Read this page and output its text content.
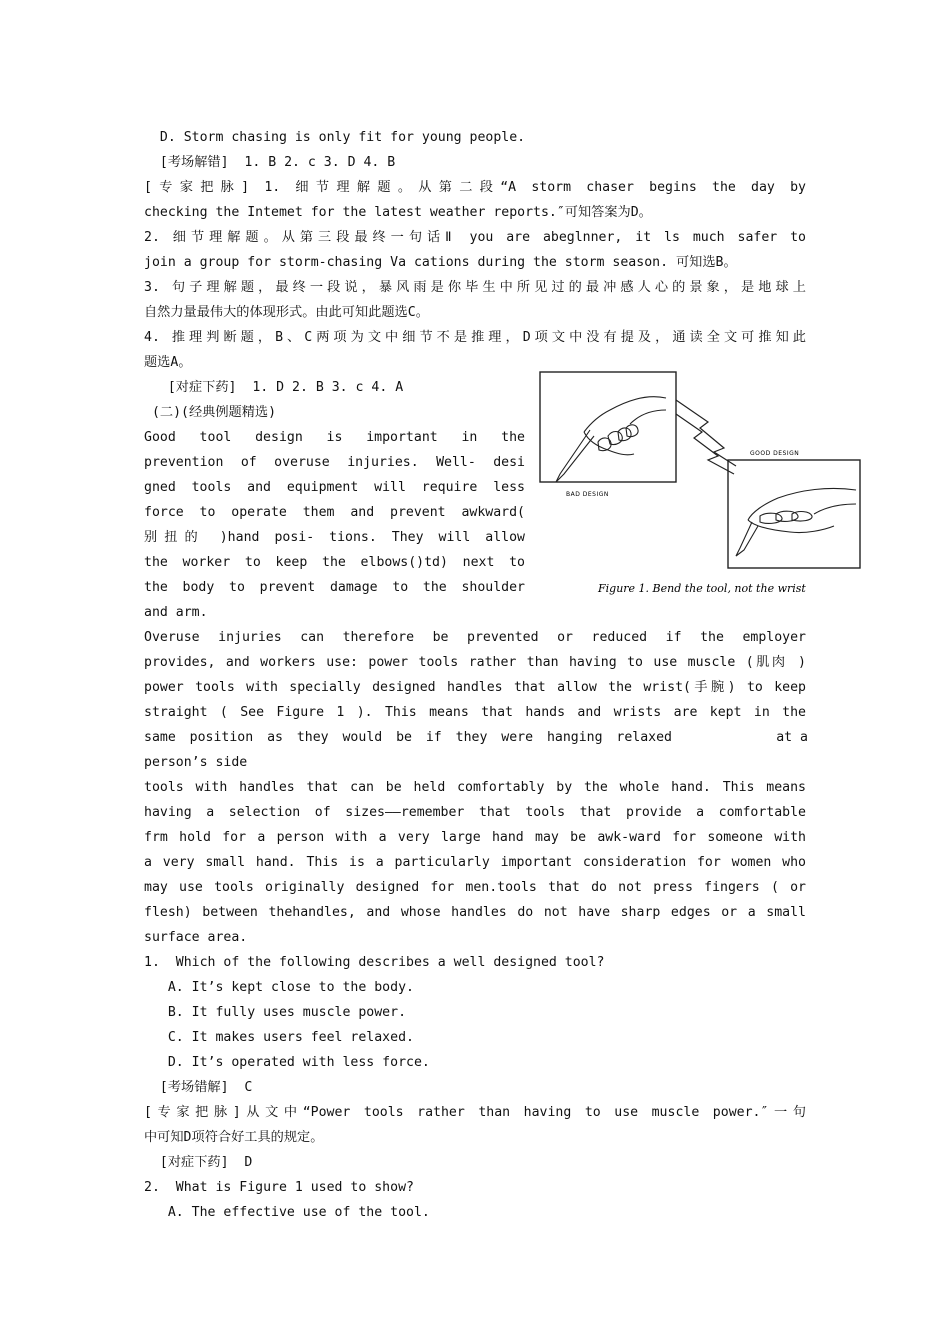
D. Storm chasing is only fit for young people.
[考场解错]  1. B 2. c 3. D 4. B
[专家把脉] 1. 细节理解题。从第二段“A storm chaser begins the day by
checking the Intemet for the latest weather reports.″可知答案为D。
2. 细节理解题。从第三段最终一句话Ⅱ you are abeglnner, it ls much safer to
join a group for storm-chasing Va cations during the storm season. 可知选B。
3. 句子理解题，最终一段说，暴风雨是你毕生中所见过的最冲感人心的景象，是地球上
自然力量最伟大的体现形式。由此可知此题选C。
4. 推理判断题，B、C两项为文中细节不是推理，D项文中没有提及，通读全文可推知此
题选A。
[对症下药]  1. D 2. B 3. c 4. A
(二)(经典例题精选)
Good tool design is important in the
prevention of overuse injuries. Well- desi
gned tools and equipment will require less
force to operate them and prevent awkward(
别扭的 )hand posi- tions. They will allow
the worker to keep the elbows()td) next to
the body to prevent damage to the shoulder
and arm.
Overuse injuries can therefore be prevented or reduced if the employer
provides, and workers use: power tools rather than having to use muscle (肌肉 )
power tools with specially designed handles that allow the wrist(手腕) to keep
straight ( See Figure 1 ). This means that hands and wrists are kept in the
same position as they would be if they were hanging relaxed	at a
person’s side
tools with handles that can be held comfortably by the whole hand. This means
having a selection of sizes——remember that tools that provide a comfortable
frm hold for a person with a very large hand may be awk-ward for someone with
a very small hand. This is a particularly important consideration for women who
may use tools originally designed for men.tools that do not press fingers ( or
flesh) between thehandles, and whose handles do not have sharp edges or a small
surface area.
1.  Which of the following describes a well designed tool?
A. It’s kept close to the body.
B. It fully uses muscle power.
C. It makes users feel relaxed.
D. It’s operated with less force.
[考场错解]  C
[专家把脉]从文中“Power tools rather than having to use muscle power.″一句
中可知D项符合好工具的规定。
[对症下药]  D
2.  What is Figure 1 used to show?
A. The effective use of the tool.
BAD DESIGN
GOOD DESIGN
Figure 1. Bend the tool, not the wrist
